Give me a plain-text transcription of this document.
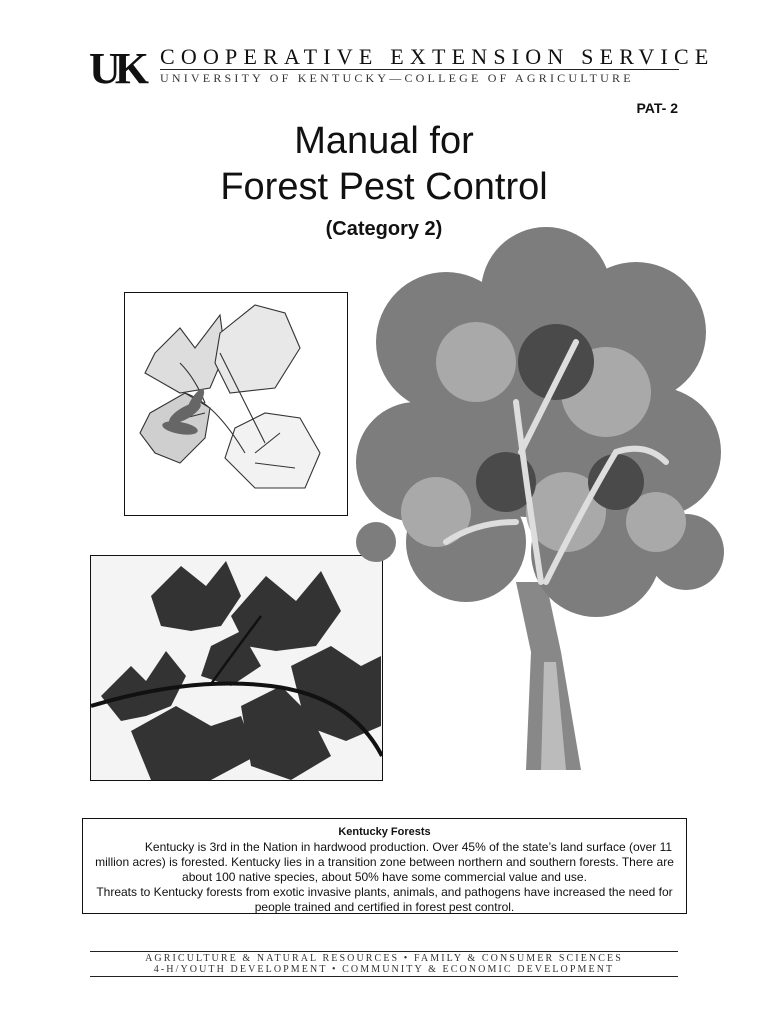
UK COOPERATIVE EXTENSION SERVICE
UNIVERSITY OF KENTUCKY—COLLEGE OF AGRICULTURE
PAT- 2
Manual for
Forest Pest Control
(Category 2)
Kentucky Forests
Kentucky is 3rd in the Nation in hardwood production. Over 45% of the state’s land surface (over 11 million acres) is forested. Kentucky lies in a transition zone between northern and southern forests. There are about 100 native species, about 50% have some commercial value and use.
Threats to Kentucky forests from exotic invasive plants, animals, and pathogens have increased the need for people trained and certified in forest pest control.
AGRICULTURE & NATURAL RESOURCES • FAMILY & CONSUMER SCIENCES
4-H/YOUTH DEVELOPMENT • COMMUNITY & ECONOMIC DEVELOPMENT
